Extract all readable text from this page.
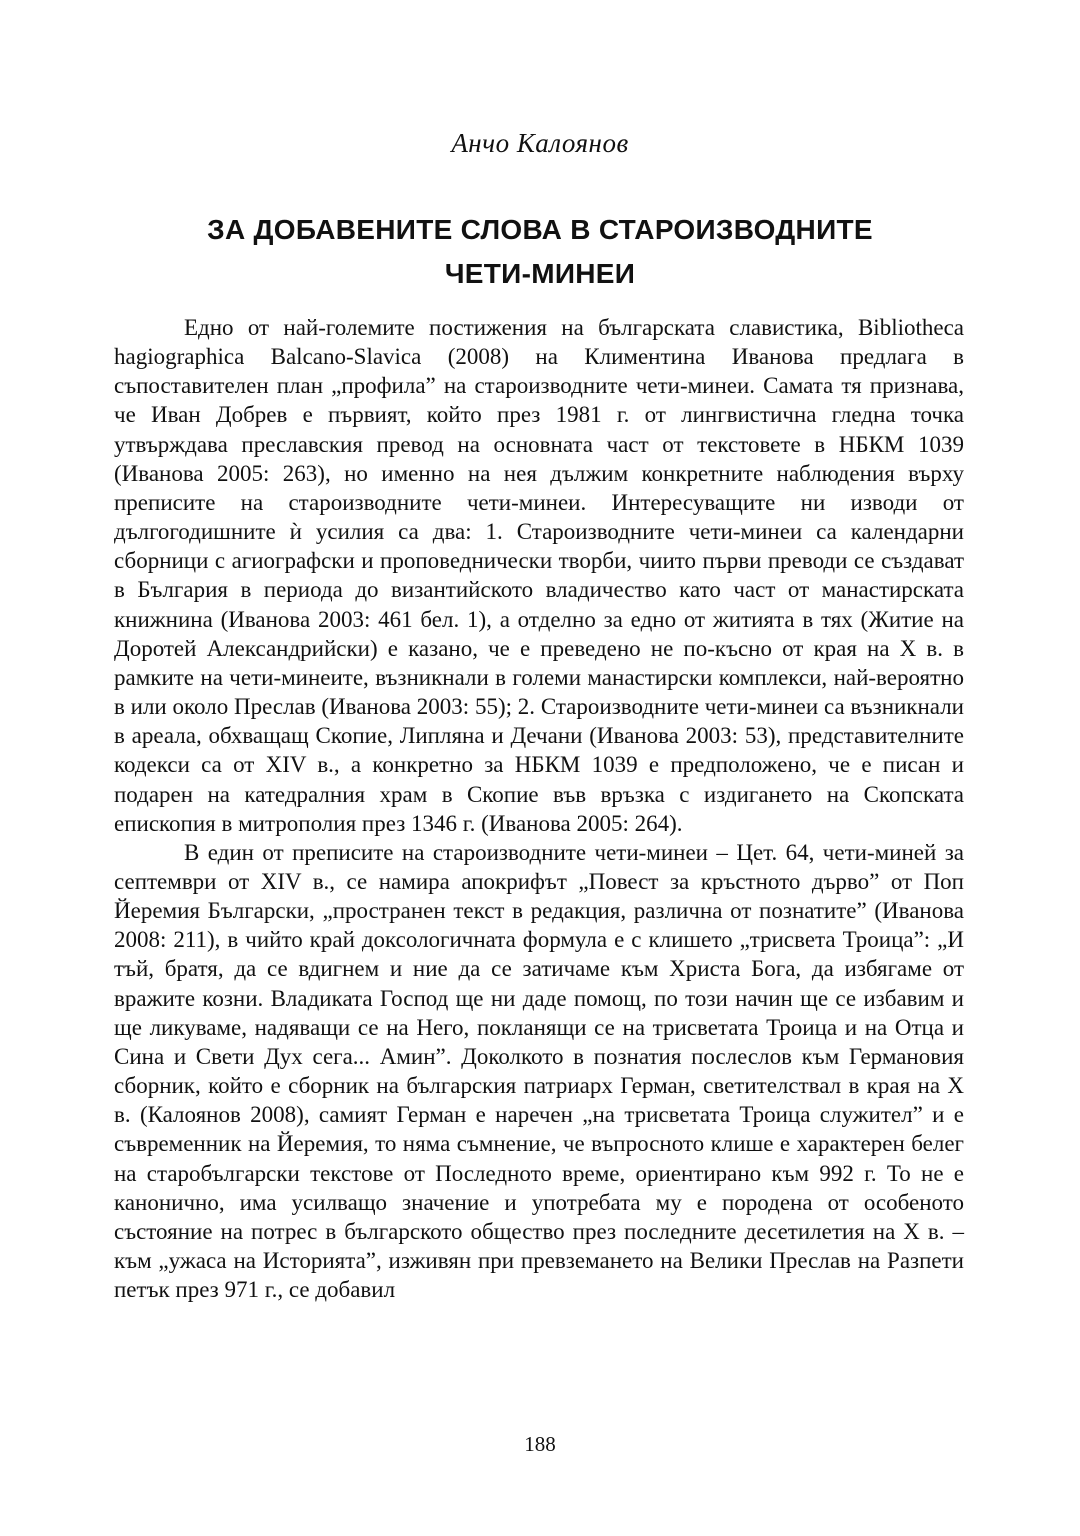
Анчо Калоянов
ЗА ДОБАВЕНИТЕ СЛОВА В СТАРОИЗВОДНИТЕ
ЧЕТИ-МИНЕИ

Едно от най-големите постижения на българската славистика, Bibliotheca hagiographica Balcano-Slavica (2008) на Климентина Иванова предлага в съпоставителен план „профила” на староизводните чети-минеи. Самата тя признава, че Иван Добрев е първият, който през 1981 г. от лингвистична гледна точка утвърждава преславския превод на основната част от текстовете в НБКМ 1039 (Иванова 2005: 263), но именно на нея дължим конкретните наблюдения върху преписите на староизводните чети-минеи. Интересуващите ни изводи от дългогодишните ѝ усилия са два: 1. Староизводните чети-минеи са календарни сборници с агиографски и проповеднически творби, чиито първи преводи се създават в България в периода до византийското владичество като част от манастирската книжнина (Иванова 2003: 461 бел. 1), а отделно за едно от житията в тях (Житие на Доротей Александрийски) е казано, че е преведено не по-късно от края на Х в. в рамките на чети-минеите, възникнали в големи манастирски комплекси, най-вероятно в или около Преслав (Иванова 2003: 55); 2. Староизводните чети-минеи са възникнали в ареала, обхващащ Скопие, Липляна и Дечани (Иванова 2003: 53), представителните кодекси са от XIV в., а конкретно за НБКМ 1039 е предположено, че е писан и подарен на катедралния храм в Скопие във връзка с издигането на Скопската епископия в митрополия през 1346 г. (Иванова 2005: 264).

В един от преписите на староизводните чети-минеи – Цет. 64, чети-миней за септември от XIV в., се намира апокрифът „Повест за кръстното дърво” от Поп Йеремия Български, „пространен текст в редакция, различна от познатите” (Иванова 2008: 211), в чийто край доксологичната формула е с клишето „трисвета Троица”: „И тъй, братя, да се вдигнем и ние да се затичаме към Христа Бога, да избягаме от вражите козни. Владиката Господ ще ни даде помощ, по този начин ще се избавим и ще ликуваме, надяващи се на Него, покланящи се на трисветата Троица и на Отца и Сина и Свети Дух сега... Амин”. Доколкото в познатия послеслов към Германовия сборник, който е сборник на българския патриарх Герман, светителствал в края на Х в. (Калоянов 2008), самият Герман е наречен „на трисветата Троица служител” и е съвременник на Йеремия, то няма съмнение, че въпросното клише е характерен белег на старобългарски текстове от Последното време, ориентирано към 992 г. То не е канонично, има усилващо значение и употребата му е породена от особеното състояние на потрес в българското общество през последните десетилетия на Х в. – към „ужаса на Историята”, изживян при превземането на Велики Преслав на Разпети петък през 971 г., се добавил

188
